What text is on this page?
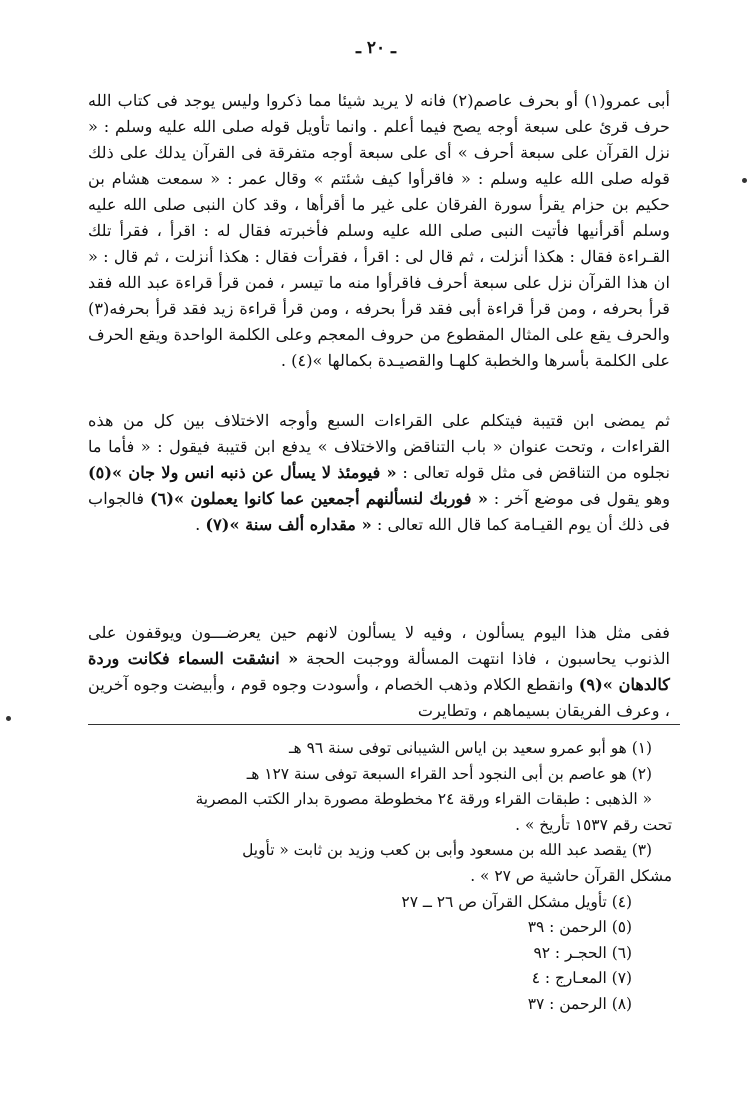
ـ ٢٠ ـ

أبى عمرو(١) أو بحرف عاصم(٢) فانه لا يريد شيئا مما ذكروا وليس يوجد فى كتاب الله حرف قرئ على سبعة أوجه يصح فيما أعلم . وانما تأويل قوله صلى الله عليه وسلم : « نزل القرآن على سبعة أحرف » أى على سبعة أوجه متفرقة فى القرآن يدلك على ذلك قوله صلى الله عليه وسلم : « فاقرأوا كيف شئتم » وقال عمر : « سمعت هشام بن حكيم بن حزام يقرأ سورة الفرقان على غير ما أقرأها ، وقد كان النبى صلى الله عليه وسلم أقرأنيها فأتيت النبى صلى الله عليه وسلم فأخبرته فقال له : اقرأ ، فقرأ تلك القـراءة فقال : هكذا أنزلت ، ثم قال لى : اقرأ ، فقرأت فقال : هكذا أنزلت ، ثم قال : « ان هذا القرآن نزل على سبعة أحرف فاقرأوا منه ما تيسر ، فمن قرأ قراءة عبد الله فقد قرأ بحرفه ، ومن قرأ قراءة أبى فقد قرأ بحرفه ، ومن قرأ قراءة زيد فقد قرأ بحرفه(٣) والحرف يقع على المثال المقطوع من حروف المعجم وعلى الكلمة الواحدة ويقع الحرف على الكلمة بأسرها والخطبة كلهـا والقصيـدة بكمالها »(٤) .

ثم يمضى ابن قتيبة فيتكلم على القراءات السبع وأوجه الاختلاف بين كل من هذه القراءات ، وتحت عنوان « باب التناقض والاختلاف » يدفع ابن قتيبة فيقول : « فأما ما نجلوه من التناقض فى مثل قوله تعالى : « فيومئذ لا يسأل عن ذنبه انس ولا جان »(٥) وهو يقول فى موضع آخر : « فوربك لنسألنهم أجمعين عما كانوا يعملون »(٦) فالجواب فى ذلك أن يوم القيـامة كما قال الله تعالى : « مقداره ألف سنة »(٧) .

ففى مثل هذا اليوم يسألون ، وفيه لا يسألون لانهم حين يعرضـــون ويوقفون على الذنوب يحاسبون ، فاذا انتهت المسألة ووجبت الحجة « انشقت السماء فكانت وردة كالدهان »(٩) وانقطع الكلام وذهب الخصام ، وأسودت وجوه قوم ، وأبيضت وجوه آخرين ، وعرف الفريقان بسيماهم ، وتطايرت

(١) هو أبو عمرو سعيد بن اياس الشيبانى توفى سنة ٩٦ هـ
(٢) هو عاصم بن أبى النجود أحد القراء السبعة توفى سنة ١٢٧ هـ
« الذهبى : طبقات القراء ورقة ٢٤ مخطوطة مصورة بدار الكتب المصرية
تحت رقم ١٥٣٧ تأريخ » .
(٣) يقصد عبد الله بن مسعود وأبى بن كعب وزيد بن ثابت « تأويل
مشكل القرآن حاشية ص ٢٧ » .
(٤) تأويل مشكل القرآن ص ٢٦ ــ ٢٧
(٥) الرحمن : ٣٩
(٦) الحجـر : ٩٢
(٧) المعـارج : ٤
(٨) الرحمن : ٣٧
